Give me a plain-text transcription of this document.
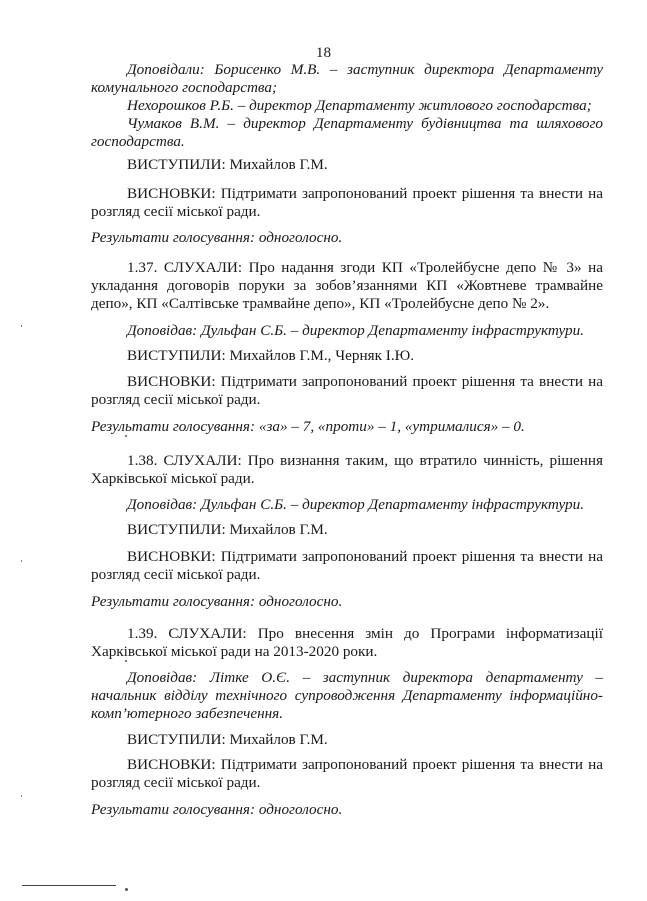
18
Доповідали: Борисенко М.В. – заступник директора Департаменту
комунального господарства;
Нехорошков Р.Б. – директор Департаменту житлового господарства;
Чумаков В.М. – директор Департаменту будівництва та шляхового
господарства.
ВИСТУПИЛИ: Михайлов Г.М.
ВИСНОВКИ: Підтримати запропонований проект рішення та внести на
розгляд сесії міської ради.
Результати голосування: одноголосно.
1.37. СЛУХАЛИ: Про надання згоди КП «Тролейбусне депо № 3» на
укладання договорів поруки за зобов’язаннями КП «Жовтневе трамвайне
депо», КП «Салтівське трамвайне депо», КП «Тролейбусне депо № 2».
Доповідав: Дульфан С.Б. – директор Департаменту інфраструктури.
ВИСТУПИЛИ: Михайлов Г.М., Черняк І.Ю.
ВИСНОВКИ: Підтримати запропонований проект рішення та внести на
розгляд сесії міської ради.
Результати голосування: «за» – 7, «проти» – 1, «утрималися» – 0.
1.38. СЛУХАЛИ: Про визнання таким, що втратило чинність, рішення
Харківської міської ради.
Доповідав: Дульфан С.Б. – директор Департаменту інфраструктури.
ВИСТУПИЛИ: Михайлов Г.М.
ВИСНОВКИ: Підтримати запропонований проект рішення та внести на
розгляд сесії міської ради.
Результати голосування: одноголосно.
1.39. СЛУХАЛИ: Про внесення змін до Програми інформатизації
Харківської міської ради на 2013-2020 роки.
Доповідав: Літке О.Є. – заступник директора департаменту –
начальник відділу технічного супроводження Департаменту інформаційно-
комп’ютерного забезпечення.
ВИСТУПИЛИ: Михайлов Г.М.
ВИСНОВКИ: Підтримати запропонований проект рішення та внести на
розгляд сесії міської ради.
Результати голосування: одноголосно.
